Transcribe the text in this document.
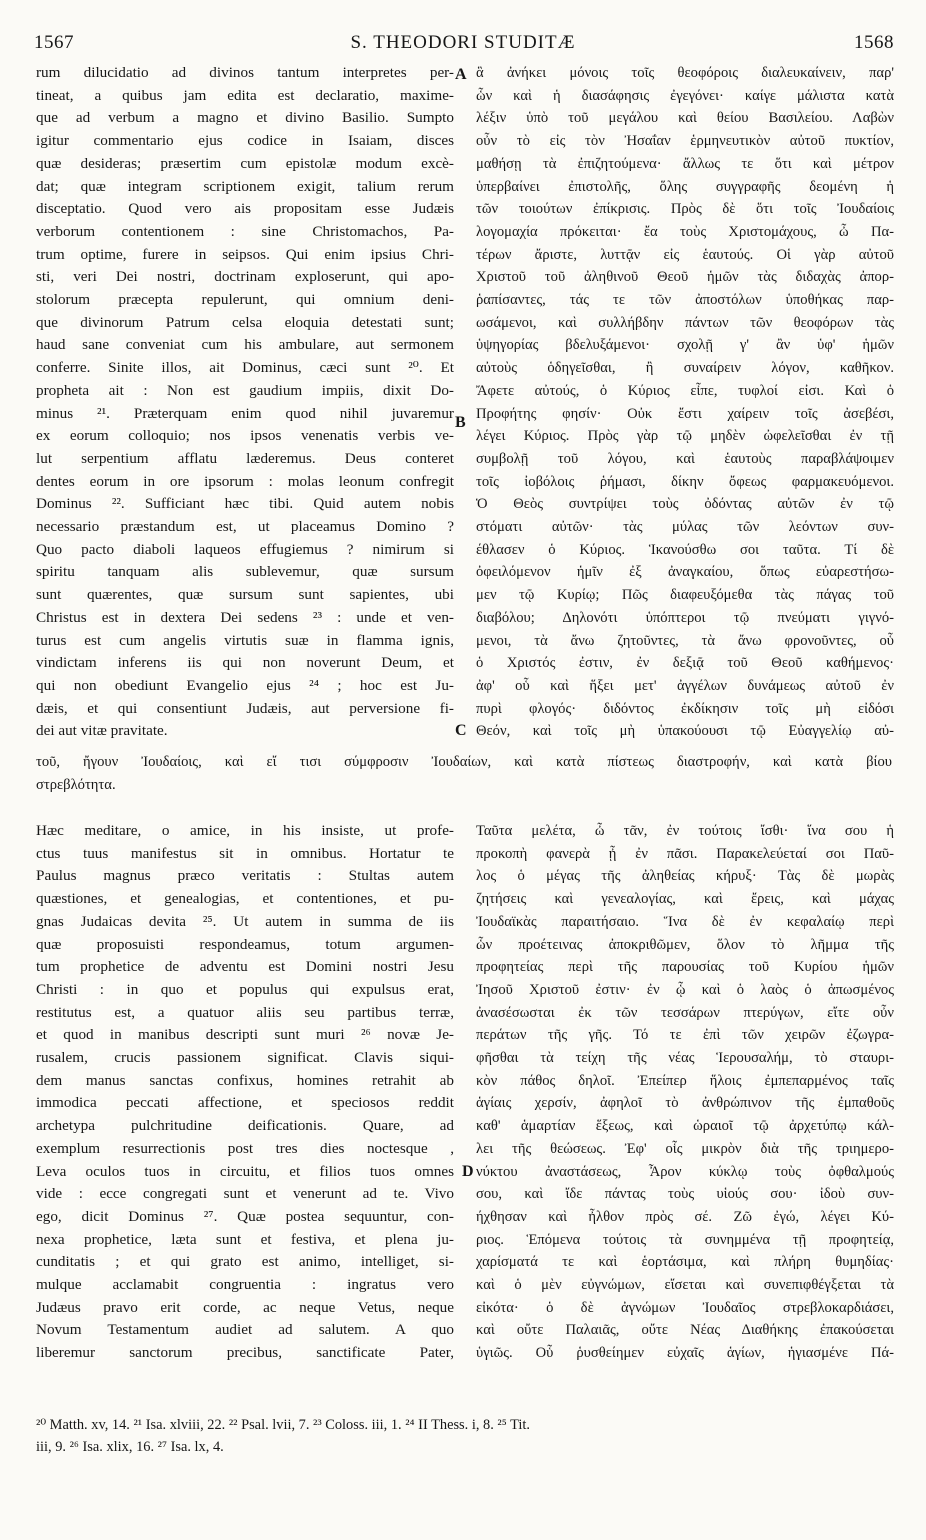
1567	S. THEODORI STUDITÆ	1568
A
B
C
D
rum dilucidatio ad divinos tantum interpretes per-
tineat, a quibus jam edita est declaratio, maxime-
que ad verbum a magno et divino Basilio. Sumpto
igitur commentario ejus codice in Isaiam, disces
quæ desideras; præsertim cum epistolæ modum excè-
dat; quæ integram scriptionem exigit, talium rerum
disceptatio. Quod vero ais propositam esse Judæis
verborum contentionem : sine Christomachos, Pa-
trum optime, furere in seipsos. Qui enim ipsius Chri-
sti, veri Dei nostri, doctrinam exploserunt, qui apo-
stolorum præcepta repulerunt, qui omnium deni-
que divinorum Patrum celsa eloquia detestati sunt;
haud sane conveniat cum his ambulare, aut sermonem
conferre. Sinite illos, ait Dominus, cæci sunt ²⁰. Et
propheta ait : Non est gaudium impiis, dixit Do-
minus ²¹. Præterquam enim quod nihil juvaremur
ex eorum colloquio; nos ipsos venenatis verbis ve-
lut serpentium afflatu læderemus. Deus conteret
dentes eorum in ore ipsorum : molas leonum confregit
Dominus ²². Sufficiant hæc tibi. Quid autem nobis
necessario præstandum est, ut placeamus Domino ?
Quo pacto diaboli laqueos effugiemus ? nimirum si
spiritu tanquam alis sublevemur, quæ sursum
sunt quærentes, quæ sursum sunt sapientes, ubi
Christus est in dextera Dei sedens ²³ : unde et ven-
turus est cum angelis virtutis suæ in flamma ignis,
vindictam inferens iis qui non noverunt Deum, et
qui non obediunt Evangelio ejus ²⁴ ; hoc est Ju-
dæis, et qui consentiunt Judæis, aut perversione fi-
dei aut vitæ pravitate.
ἃ ἀνήκει μόνοις τοῖς θεοφόροις διαλευκαίνειν, παρ'
ὧν καὶ ἡ διασάφησις ἐγεγόνει· καίγε μάλιστα κατὰ
λέξιν ὑπὸ τοῦ μεγάλου καὶ θείου Βασιλείου. Λαβὼν
οὖν τὸ εἰς τὸν Ἠσαΐαν ἑρμηνευτικὸν αὐτοῦ πυκτίον,
μαθήσῃ τὰ ἐπιζητούμενα· ἄλλως τε ὅτι καὶ μέτρον
ὑπερβαίνει ἐπιστολῆς, ὅλης συγγραφῆς δεομένη ἡ
τῶν τοιούτων ἐπίκρισις. Πρὸς δὲ ὅτι τοῖς Ἰουδαίοις
λογομαχία πρόκειται· ἔα τοὺς Χριστομάχους, ὦ Πα-
τέρων ἄριστε, λυττᾷν εἰς ἑαυτούς. Οἱ γὰρ αὐτοῦ
Χριστοῦ τοῦ ἀληθινοῦ Θεοῦ ἡμῶν τὰς διδαχὰς ἀπορ-
ῥαπίσαντες, τάς τε τῶν ἀποστόλων ὑποθήκας παρ-
ωσάμενοι, καὶ συλλήβδην πάντων τῶν θεοφόρων τὰς
ὑψηγορίας βδελυξάμενοι· σχολῇ γ' ἂν ὑφ' ἡμῶν
αὐτοὺς ὁδηγεῖσθαι, ἢ συναίρειν λόγον, καθῆκον.
Ἄφετε αὐτούς, ὁ Κύριος εἶπε, τυφλοί εἰσι. Καὶ ὁ
Προφήτης φησίν· Οὐκ ἔστι χαίρειν τοῖς ἀσεβέσι,
λέγει Κύριος. Πρὸς γὰρ τῷ μηδὲν ὠφελεῖσθαι ἐν τῇ
συμβολῇ τοῦ λόγου, καὶ ἑαυτοὺς παραβλάψοιμεν
τοῖς ἰοβόλοις ῥήμασι, δίκην ὄφεως φαρμακευόμενοι.
Ὁ Θεὸς συντρίψει τοὺς ὀδόντας αὐτῶν ἐν τῷ
στόματι αὐτῶν· τὰς μύλας τῶν λεόντων συν-
έθλασεν ὁ Κύριος. Ἱκανούσθω σοι ταῦτα. Τί δὲ
ὀφειλόμενον ἡμῖν ἐξ ἀναγκαίου, ὅπως εὐαρεστήσω-
μεν τῷ Κυρίῳ; Πῶς διαφευξόμεθα τὰς πάγας τοῦ
διαβόλου; Δηλονότι ὑπόπτεροι τῷ πνεύματι γιγνό-
μενοι, τὰ ἄνω ζητοῦντες, τὰ ἄνω φρονοῦντες, οὗ
ὁ Χριστός ἐστιν, ἐν δεξιᾷ τοῦ Θεοῦ καθήμενος·
ἀφ' οὗ καὶ ἥξει μετ' ἀγγέλων δυνάμεως αὐτοῦ ἐν
πυρὶ φλογός· διδόντος ἐκδίκησιν τοῖς μὴ εἰδόσι
Θεόν, καὶ τοῖς μὴ ὑπακούουσι τῷ Εὐαγγελίῳ αὐ-
τοῦ, ἤγουν Ἰουδαίοις, καὶ εἴ τισι σύμφροσιν Ἰουδαίων, καὶ κατὰ πίστεως διαστροφήν, καὶ κατὰ βίου
στρεβλότητα.
Hæc meditare, o amice, in his insiste, ut profe-
ctus tuus manifestus sit in omnibus. Hortatur te
Paulus magnus præco veritatis : Stultas autem
quæstiones, et genealogias, et contentiones, et pu-
gnas Judaicas devita ²⁵. Ut autem in summa de iis
quæ proposuisti respondeamus, totum argumen-
tum prophetice de adventu est Domini nostri Jesu
Christi : in quo et populus qui expulsus erat,
restitutus est, a quatuor aliis seu partibus terræ,
et quod in manibus descripti sunt muri ²⁶ novæ Je-
rusalem, crucis passionem significat. Clavis siqui-
dem manus sanctas confixus, homines retrahit ab
immodica peccati affectione, et speciosos reddit
archetypa pulchritudine deificationis. Quare, ad
exemplum resurrectionis post tres dies noctesque ,
Leva oculos tuos in circuitu, et filios tuos omnes
vide : ecce congregati sunt et venerunt ad te. Vivo
ego, dicit Dominus ²⁷. Quæ postea sequuntur, con-
nexa prophetice, læta sunt et festiva, et plena ju-
cunditatis ; et qui grato est animo, intelliget, si-
mulque acclamabit congruentia : ingratus vero
Judæus pravo erit corde, ac neque Vetus, neque
Novum Testamentum audiet ad salutem. A quo
liberemur sanctorum precibus, sanctificate Pater,
Ταῦτα μελέτα, ὦ τᾶν, ἐν τούτοις ἴσθι· ἵνα σου ἡ
προκοπὴ φανερὰ ᾖ ἐν πᾶσι. Παρακελεύεταί σοι Παῦ-
λος ὁ μέγας τῆς ἀληθείας κήρυξ· Τὰς δὲ μωρὰς
ζητήσεις καὶ γενεαλογίας, καὶ ἔρεις, καὶ μάχας
Ἰουδαϊκὰς παραιτήσαιο. Ἵνα δὲ ἐν κεφαλαίῳ περὶ
ὧν προέτεινας ἀποκριθῶμεν, ὅλον τὸ λῆμμα τῆς
προφητείας περὶ τῆς παρουσίας τοῦ Κυρίου ἡμῶν
Ἰησοῦ Χριστοῦ ἐστιν· ἐν ᾧ καὶ ὁ λαὸς ὁ ἀπωσμένος
ἀνασέσωσται ἐκ τῶν τεσσάρων πτερύγων, εἴτε οὖν
περάτων τῆς γῆς. Τό τε ἐπὶ τῶν χειρῶν ἐζωγρα-
φῆσθαι τὰ τείχη τῆς νέας Ἱερουσαλήμ, τὸ σταυρι-
κὸν πάθος δηλοῖ. Ἐπείπερ ἥλοις ἐμπεπαρμένος ταῖς
ἁγίαις χερσίν, ἀφηλοῖ τὸ ἀνθρώπινον τῆς ἐμπαθοῦς
καθ' ἁμαρτίαν ἕξεως, καὶ ὡραιοῖ τῷ ἀρχετύπῳ κάλ-
λει τῆς θεώσεως. Ἐφ' οἷς μικρὸν διὰ τῆς τριημερο-
νύκτου ἀναστάσεως, Ἆρον κύκλῳ τοὺς ὀφθαλμούς
σου, καὶ ἴδε πάντας τοὺς υἱούς σου· ἰδοὺ συν-
ήχθησαν καὶ ἦλθον πρὸς σέ. Ζῶ ἐγώ, λέγει Κύ-
ριος. Ἑπόμενα τούτοις τὰ συνημμένα τῇ προφητείᾳ,
χαρίσματά τε καὶ ἑορτάσιμα, καὶ πλήρη θυμηδίας·
καὶ ὁ μὲν εὐγνώμων, εἴσεται καὶ συνεπιφθέγξεται τὰ
εἰκότα· ὁ δὲ ἀγνώμων Ἰουδαῖος στρεβλοκαρδιάσει,
καὶ οὔτε Παλαιᾶς, οὔτε Νέας Διαθήκης ἐπακούσεται
ὑγιῶς. Οὗ ῥυσθείημεν εὐχαῖς ἁγίων, ἡγιασμένε Πά-
²⁰ Matth. xv, 14. ²¹ Isa. xlviii, 22. ²² Psal. lvii, 7. ²³ Coloss. iii, 1. ²⁴ II Thess. i, 8. ²⁵ Tit.
iii, 9. ²⁶ Isa. xlix, 16. ²⁷ Isa. lx, 4.
